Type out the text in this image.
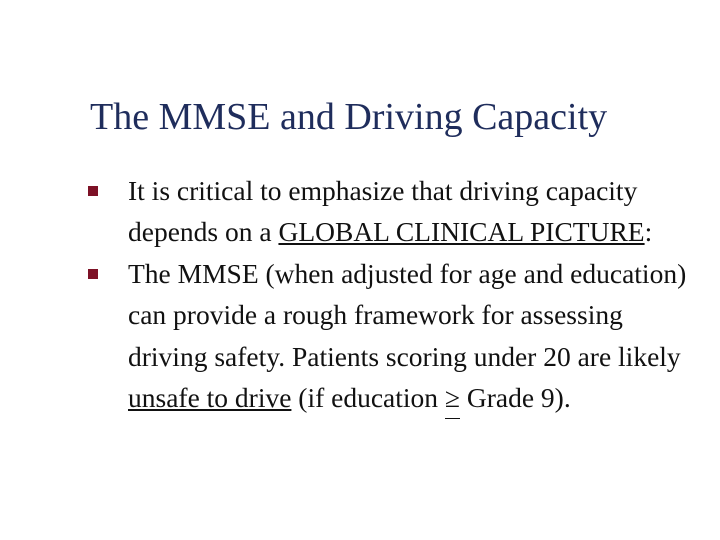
The MMSE and Driving Capacity
It is critical to emphasize that driving capacity depends on a GLOBAL CLINICAL PICTURE:
The MMSE (when adjusted for age and education) can provide a rough framework for assessing driving safety. Patients scoring under 20 are likely unsafe to drive (if education ≥ Grade 9).
